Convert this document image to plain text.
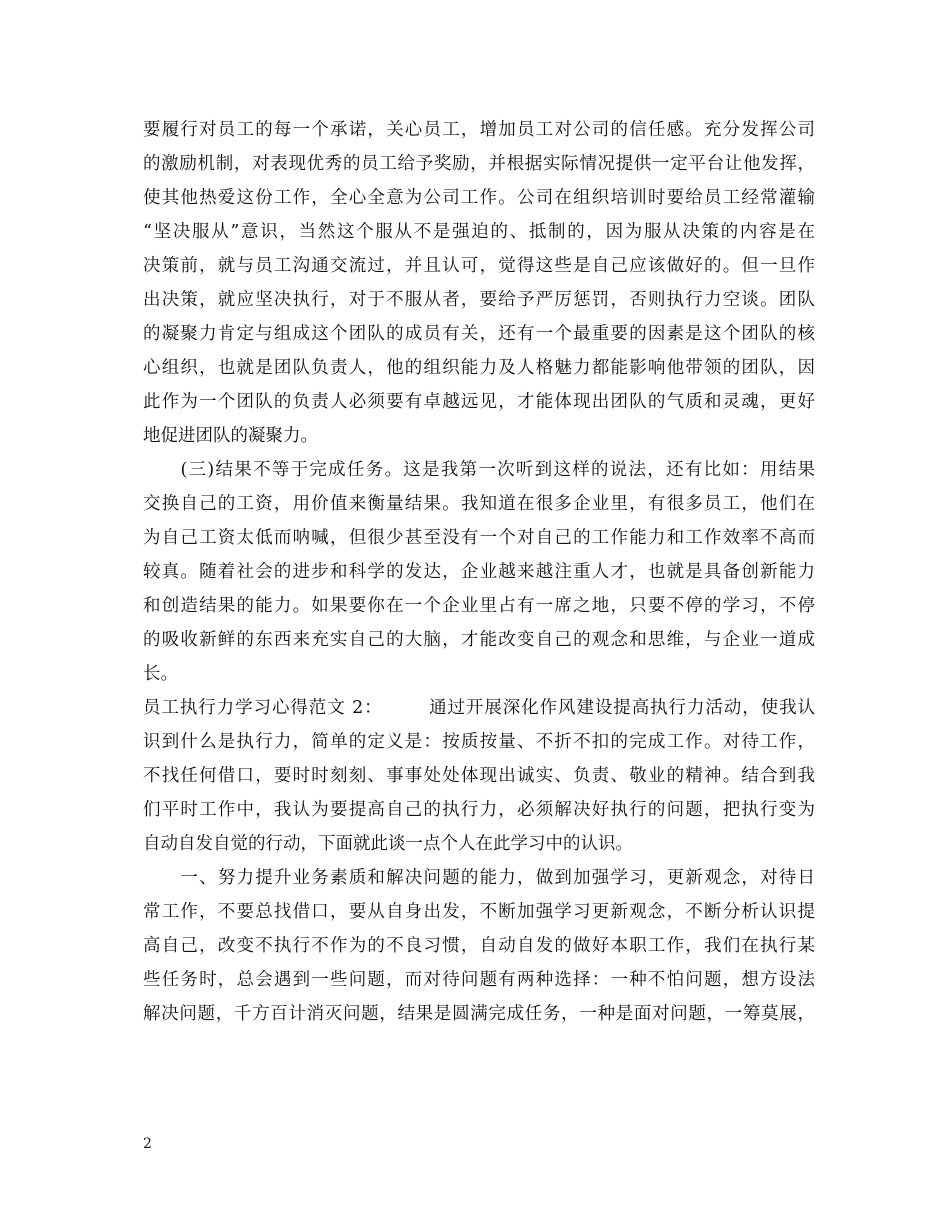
要履行对员工的每一个承诺，关心员工，增加员工对公司的信任感。充分发挥公司
的激励机制，对表现优秀的员工给予奖励，并根据实际情况提供一定平台让他发挥，
使其他热爱这份工作，全心全意为公司工作。公司在组织培训时要给员工经常灌输
“坚决服从”意识，当然这个服从不是强迫的、抵制的，因为服从决策的内容是在
决策前，就与员工沟通交流过，并且认可，觉得这些是自己应该做好的。但一旦作
出决策，就应坚决执行，对于不服从者，要给予严厉惩罚，否则执行力空谈。团队
的凝聚力肯定与组成这个团队的成员有关，还有一个最重要的因素是这个团队的核
心组织，也就是团队负责人，他的组织能力及人格魅力都能影响他带领的团队，因
此作为一个团队的负责人必须要有卓越远见，才能体现出团队的气质和灵魂，更好
地促进团队的凝聚力。
　　(三)结果不等于完成任务。这是我第一次听到这样的说法，还有比如：用结果
交换自己的工资，用价值来衡量结果。我知道在很多企业里，有很多员工，他们在
为自己工资太低而呐喊，但很少甚至没有一个对自己的工作能力和工作效率不高而
较真。随着社会的进步和科学的发达，企业越来越注重人才，也就是具备创新能力
和创造结果的能力。如果要你在一个企业里占有一席之地，只要不停的学习，不停
的吸收新鲜的东西来充实自己的大脑，才能改变自己的观念和思维，与企业一道成
长。
员工执行力学习心得范文 2：　　　通过开展深化作风建设提高执行力活动，使我认
识到什么是执行力，简单的定义是：按质按量、不折不扣的完成工作。对待工作，
不找任何借口，要时时刻刻、事事处处体现出诚实、负责、敬业的精神。结合到我
们平时工作中，我认为要提高自己的执行力，必须解决好执行的问题，把执行变为
自动自发自觉的行动，下面就此谈一点个人在此学习中的认识。
　　一、努力提升业务素质和解决问题的能力，做到加强学习，更新观念，对待日
常工作，不要总找借口，要从自身出发，不断加强学习更新观念，不断分析认识提
高自己，改变不执行不作为的不良习惯，自动自发的做好本职工作，我们在执行某
些任务时，总会遇到一些问题，而对待问题有两种选择：一种不怕问题，想方设法
解决问题，千方百计消灭问题，结果是圆满完成任务，一种是面对问题，一筹莫展，
2
